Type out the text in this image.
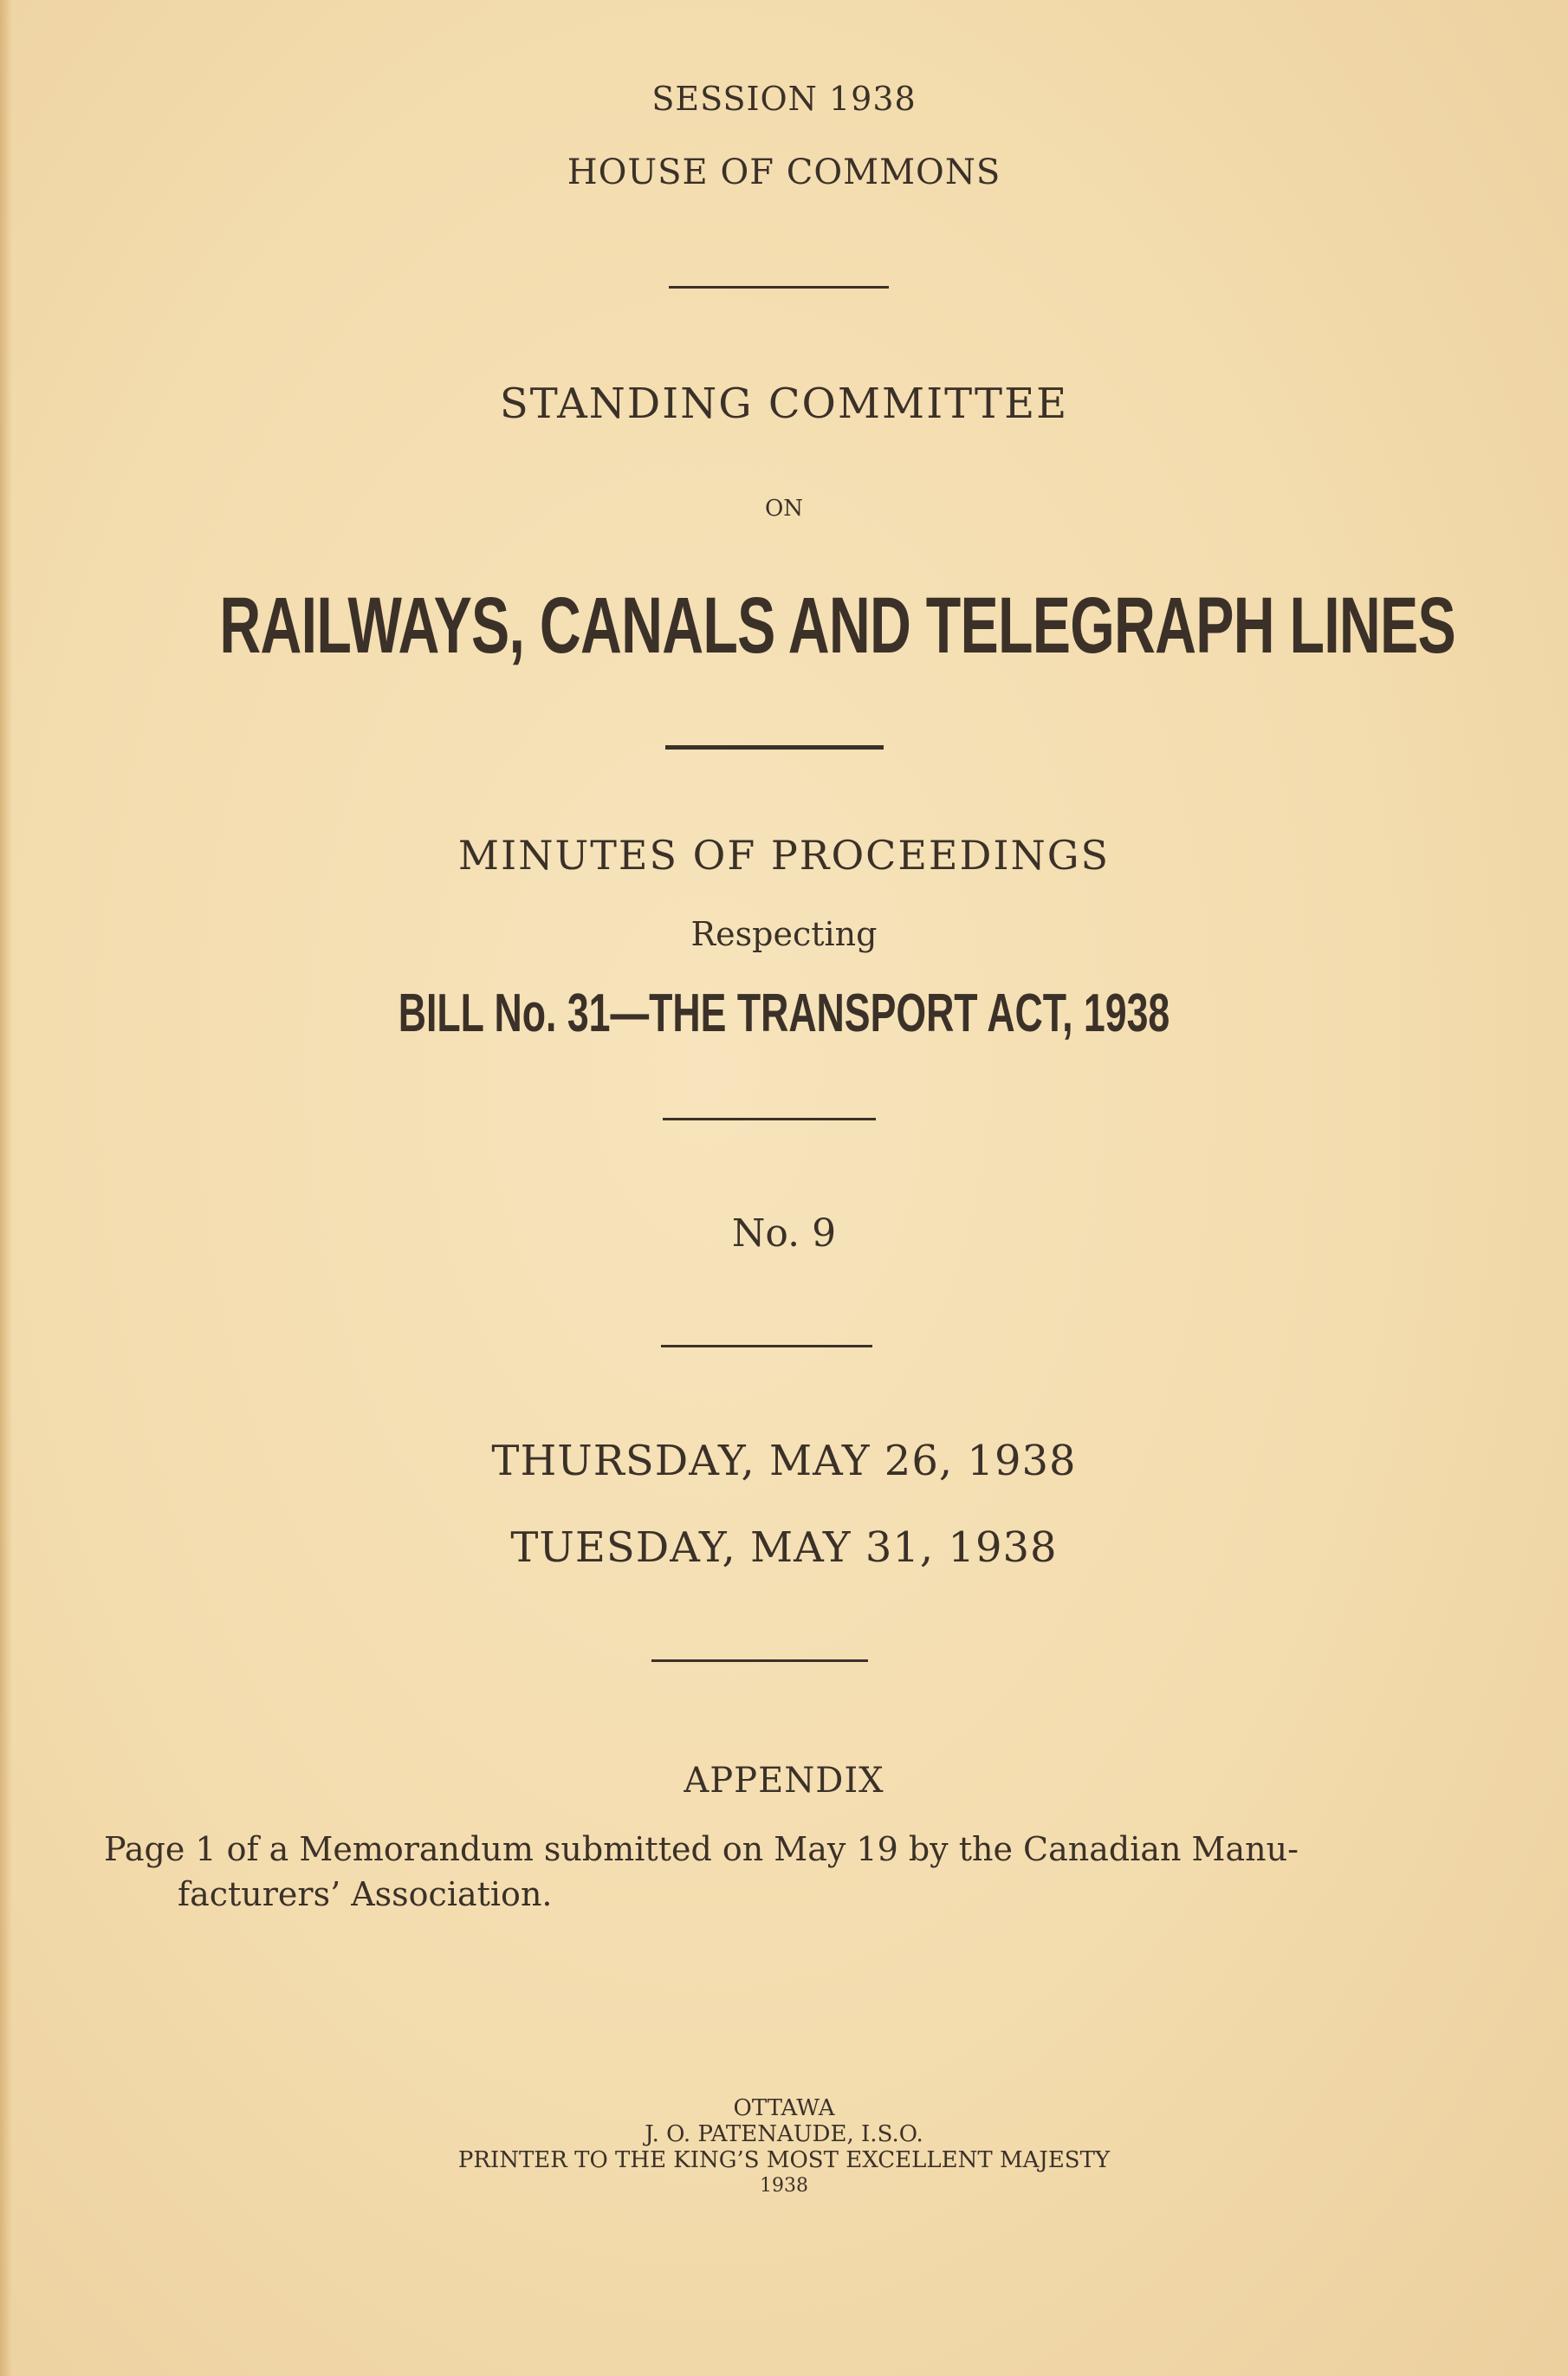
SESSION 1938
HOUSE OF COMMONS
STANDING COMMITTEE
ON
RAILWAYS, CANALS AND TELEGRAPH LINES
MINUTES OF PROCEEDINGS
Respecting
BILL No. 31—THE TRANSPORT ACT, 1938
No. 9
THURSDAY, MAY 26, 1938
TUESDAY, MAY 31, 1938
APPENDIX
Page 1 of a Memorandum submitted on May 19 by the Canadian Manu-
facturers’ Association.
OTTAWA
J. O. PATENAUDE, I.S.O.
PRINTER TO THE KING’S MOST EXCELLENT MAJESTY
1938
